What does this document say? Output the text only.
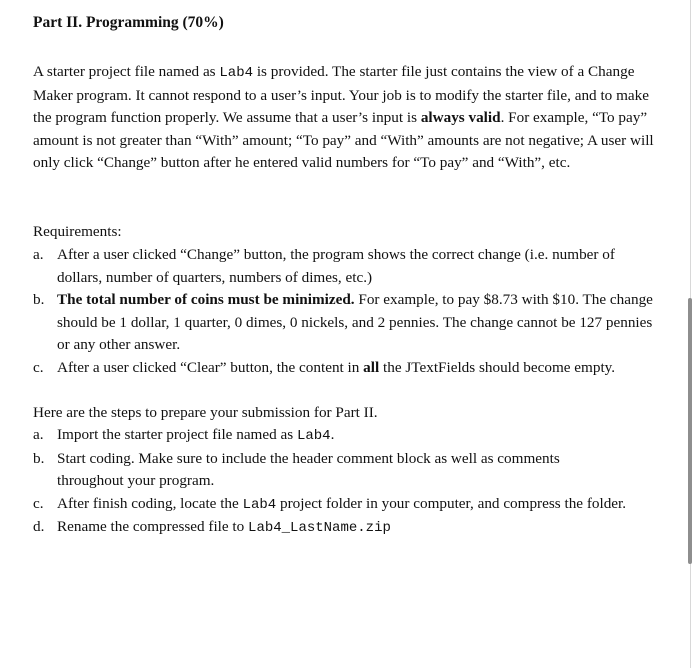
Part II. Programming (70%)
A starter project file named as Lab4 is provided. The starter file just contains the view of a Change Maker program. It cannot respond to a user’s input. Your job is to modify the starter file, and to make the program function properly. We assume that a user’s input is always valid. For example, “To pay” amount is not greater than “With” amount; “To pay” and “With” amounts are not negative; A user will only click “Change” button after he entered valid numbers for “To pay” and “With”, etc.
Requirements:
a. After a user clicked “Change” button, the program shows the correct change (i.e. number of dollars, number of quarters, numbers of dimes, etc.)
b. The total number of coins must be minimized. For example, to pay $8.73 with $10. The change should be 1 dollar, 1 quarter, 0 dimes, 0 nickels, and 2 pennies. The change cannot be 127 pennies or any other answer.
c. After a user clicked “Clear” button, the content in all the JTextFields should become empty.
Here are the steps to prepare your submission for Part II.
a. Import the starter project file named as Lab4.
b. Start coding. Make sure to include the header comment block as well as comments throughout your program.
c. After finish coding, locate the Lab4 project folder in your computer, and compress the folder.
d. Rename the compressed file to Lab4_LastName.zip
